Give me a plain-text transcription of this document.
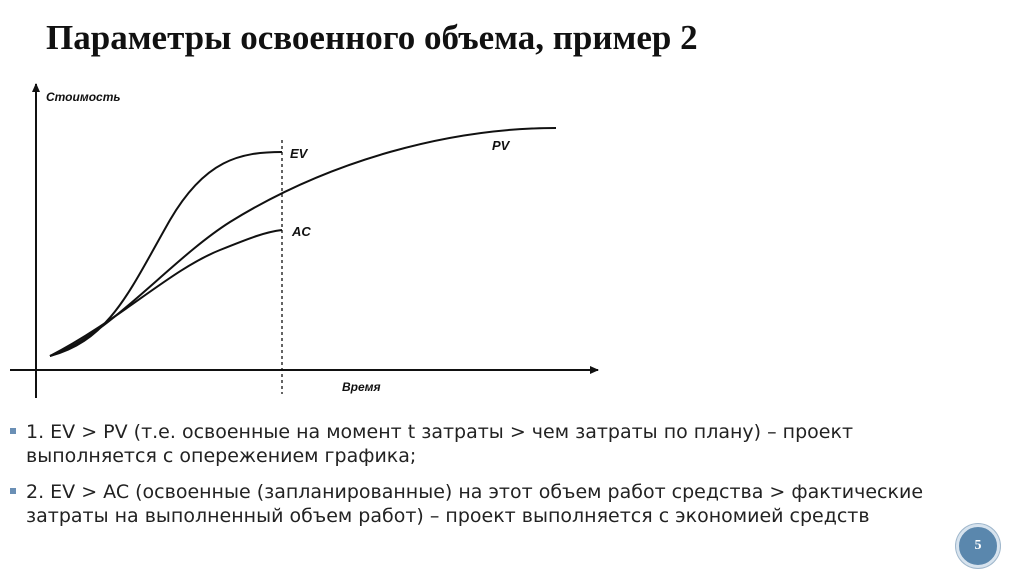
Параметры освоенного объема, пример 2
Стоимость
Время
EV
PV
AC
1. EV > PV (т.е. освоенные на момент t затраты > чем затраты по плану) – проект выполняется с опережением графика;
2. EV > AC (освоенные (запланированные) на этот объем работ средства > фактические затраты на выполненный объем работ) – проект выполняется с экономией средств
5
